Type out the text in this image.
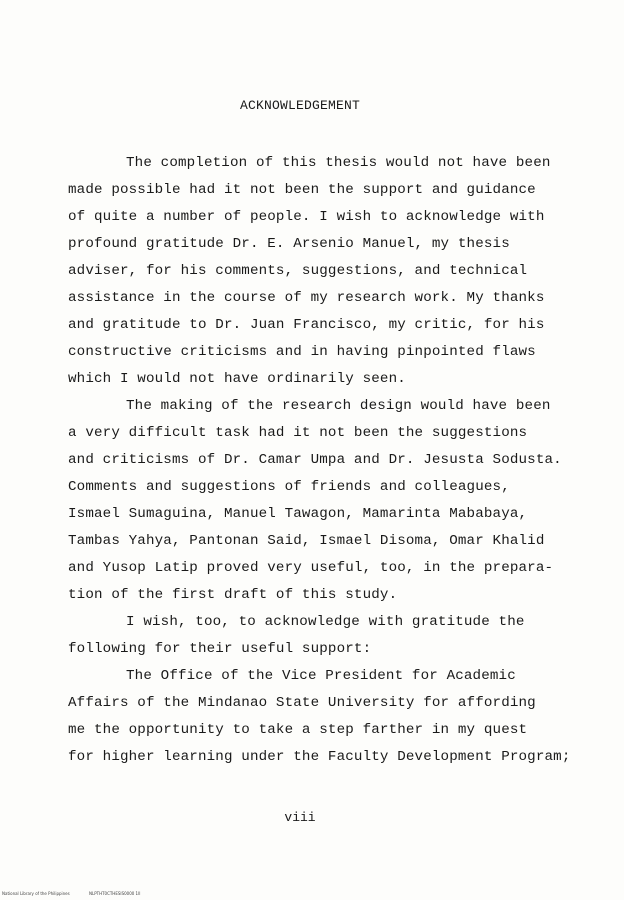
ACKNOWLEDGEMENT
The completion of this thesis would not have been
made possible had it not been the support and guidance
of quite a number of people. I wish to acknowledge with
profound gratitude Dr. E. Arsenio Manuel, my thesis
adviser, for his comments, suggestions, and technical
assistance in the course of my research work. My thanks
and gratitude to Dr. Juan Francisco, my critic, for his
constructive criticisms and in having pinpointed flaws
which I would not have ordinarily seen.
The making of the research design would have been
a very difficult task had it not been the suggestions
and criticisms of Dr. Camar Umpa and Dr. Jesusta Sodusta.
Comments and suggestions of friends and colleagues,
Ismael Sumaguina, Manuel Tawagon, Mamarinta Mababaya,
Tambas Yahya, Pantonan Said, Ismael Disoma, Omar Khalid
and Yusop Latip proved very useful, too, in the prepara-
tion of the first draft of this study.
I wish, too, to acknowledge with gratitude the
following for their useful support:
The Office of the Vice President for Academic
Affairs of the Mindanao State University for affording
me the opportunity to take a step farther in my quest
for higher learning under the Faculty Development Program;
viii
National Library of the Philippines	NLPTHT0CTHESIS0000 1lI
